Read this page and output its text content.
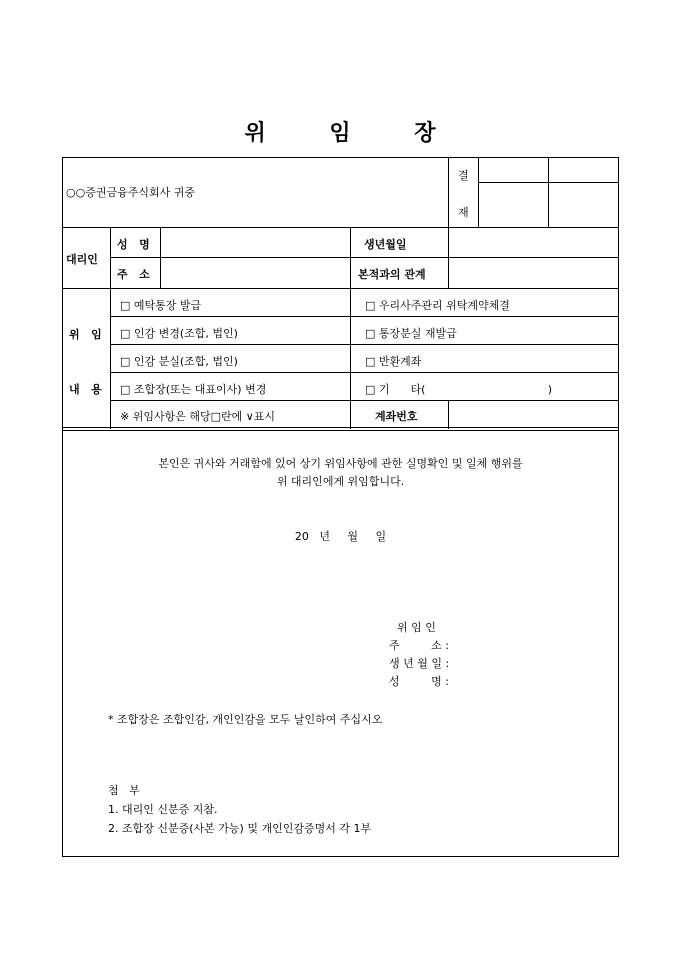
위 임 장
○○증권금융주식회사 귀중
결
재
대리인
성   명
주   소
생년월일
본적과의 관계
위   임
내   용
□ 예탁통장 발급
□ 인감 변경(조합, 법인)
□ 인감 분실(조합, 법인)
□ 조합장(또는 대표이사) 변경
□ 우리사주관리 위탁계약체결
□ 통장분실 재발급
□ 반환계좌
□ 기      타(                                   )
※ 위임사항은 해당□란에 ∨표시	계좌번호
본인은 귀사와 거래함에 있어 상기 위임사항에 관한 실명확인 및 일체 행위를
위 대리인에게 위임합니다.
20   년     월     일
위 임 인
주         소 :
생 년 월 일 :
성         명 :
* 조합장은 조합인감, 개인인감을 모두 날인하여 주십시오
첨   부
1. 대리인 신분증 지참.
2. 조합장 신분증(사본 가능) 및 개인인감증명서 각 1부
